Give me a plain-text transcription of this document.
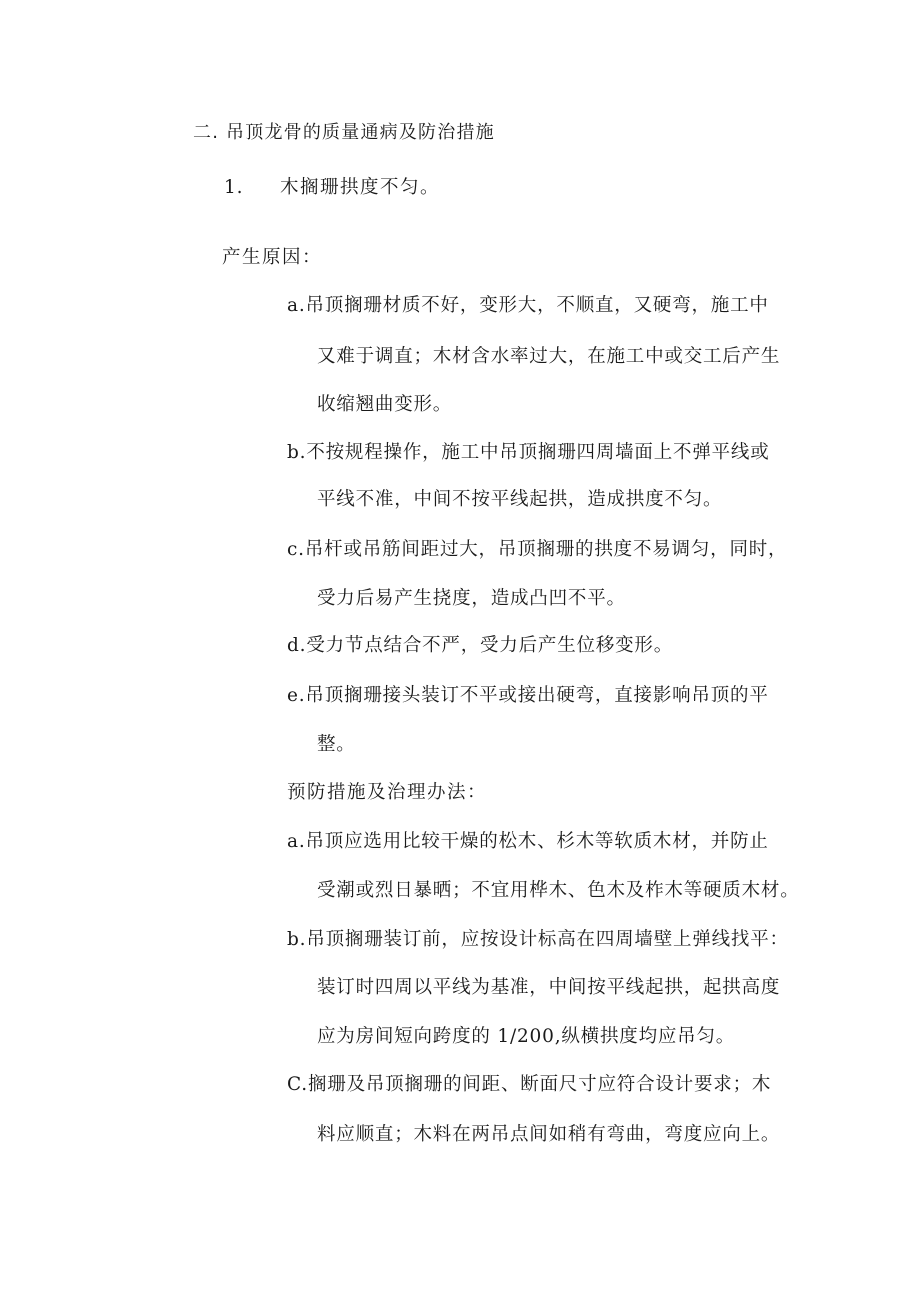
二. 吊顶龙骨的质量通病及防治措施
1. 木搁珊拱度不匀。
产生原因：
a.吊顶搁珊材质不好，变形大，不顺直，又硬弯，施工中
又难于调直；木材含水率过大，在施工中或交工后产生
收缩翘曲变形。
b.不按规程操作，施工中吊顶搁珊四周墙面上不弹平线或
平线不准，中间不按平线起拱，造成拱度不匀。
c.吊杆或吊筋间距过大，吊顶搁珊的拱度不易调匀，同时，
受力后易产生挠度，造成凸凹不平。
d.受力节点结合不严，受力后产生位移变形。
e.吊顶搁珊接头装订不平或接出硬弯，直接影响吊顶的平
整。
预防措施及治理办法：
a.吊顶应选用比较干燥的松木、杉木等软质木材，并防止
受潮或烈日暴晒；不宜用桦木、色木及柞木等硬质木材。
b.吊顶搁珊装订前，应按设计标高在四周墙壁上弹线找平：
装订时四周以平线为基准，中间按平线起拱，起拱高度
应为房间短向跨度的 1/200,纵横拱度均应吊匀。
C.搁珊及吊顶搁珊的间距、断面尺寸应符合设计要求；木
料应顺直；木料在两吊点间如稍有弯曲，弯度应向上。
